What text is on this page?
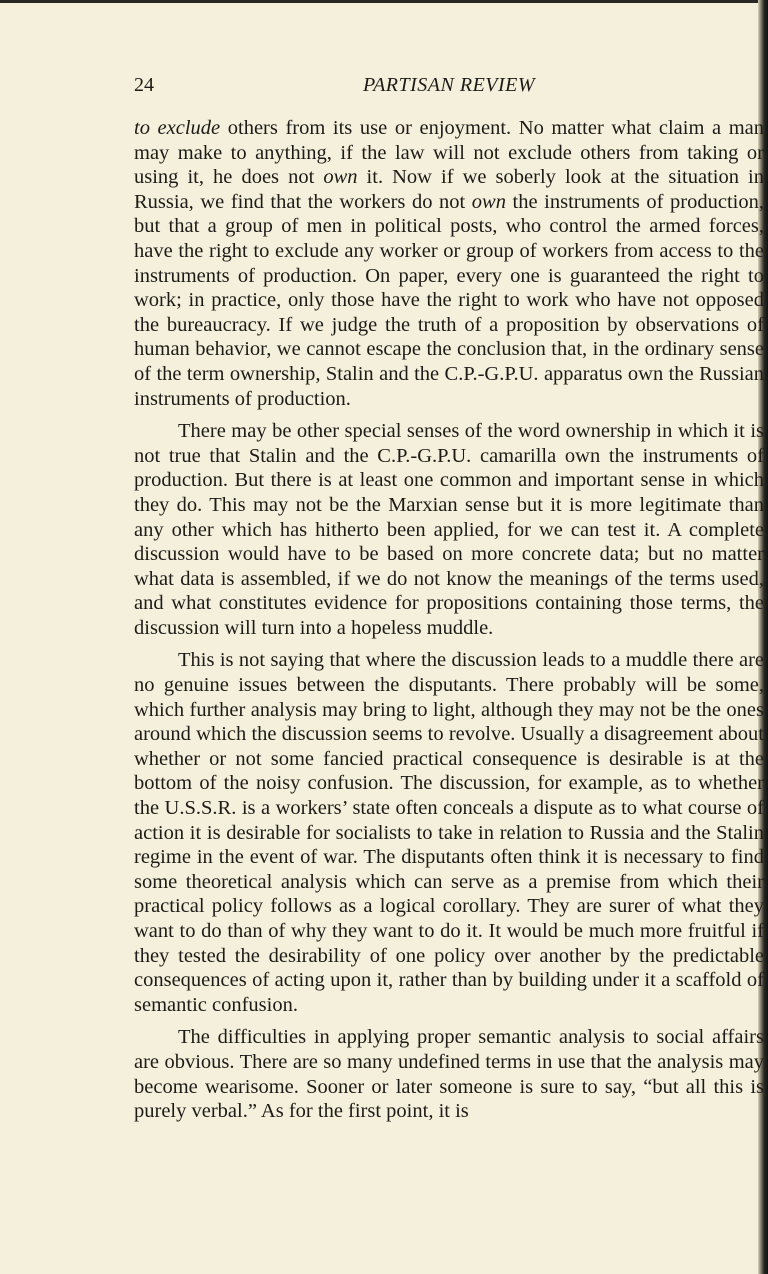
24	PARTISAN REVIEW

to exclude others from its use or enjoyment. No matter what claim a man may make to anything, if the law will not exclude others from taking or using it, he does not own it. Now if we soberly look at the situation in Russia, we find that the workers do not own the instruments of production, but that a group of men in political posts, who control the armed forces, have the right to exclude any worker or group of workers from access to the instruments of production. On paper, every one is guaranteed the right to work; in practice, only those have the right to work who have not opposed the bureaucracy. If we judge the truth of a proposition by observations of human behavior, we cannot escape the conclusion that, in the ordinary sense of the term ownership, Stalin and the C.P.-G.P.U. apparatus own the Russian instruments of production.

There may be other special senses of the word ownership in which it is not true that Stalin and the C.P.-G.P.U. camarilla own the instruments of production. But there is at least one common and important sense in which they do. This may not be the Marxian sense but it is more legitimate than any other which has hitherto been applied, for we can test it. A complete discussion would have to be based on more concrete data; but no matter what data is assembled, if we do not know the meanings of the terms used, and what constitutes evidence for propositions containing those terms, the discussion will turn into a hopeless muddle.

This is not saying that where the discussion leads to a muddle there are no genuine issues between the disputants. There probably will be some, which further analysis may bring to light, although they may not be the ones around which the discussion seems to revolve. Usually a disagreement about whether or not some fancied practical consequence is desirable is at the bottom of the noisy confusion. The discussion, for example, as to whether the U.S.S.R. is a workers’ state often conceals a dispute as to what course of action it is desirable for socialists to take in relation to Russia and the Stalin regime in the event of war. The disputants often think it is necessary to find some theoretical analysis which can serve as a premise from which their practical policy follows as a logical corollary. They are surer of what they want to do than of why they want to do it. It would be much more fruitful if they tested the desirability of one policy over another by the predictable consequences of acting upon it, rather than by building under it a scaffold of semantic confusion.

The difficulties in applying proper semantic analysis to social affairs are obvious. There are so many undefined terms in use that the analysis may become wearisome. Sooner or later someone is sure to say, “but all this is purely verbal.” As for the first point, it is
